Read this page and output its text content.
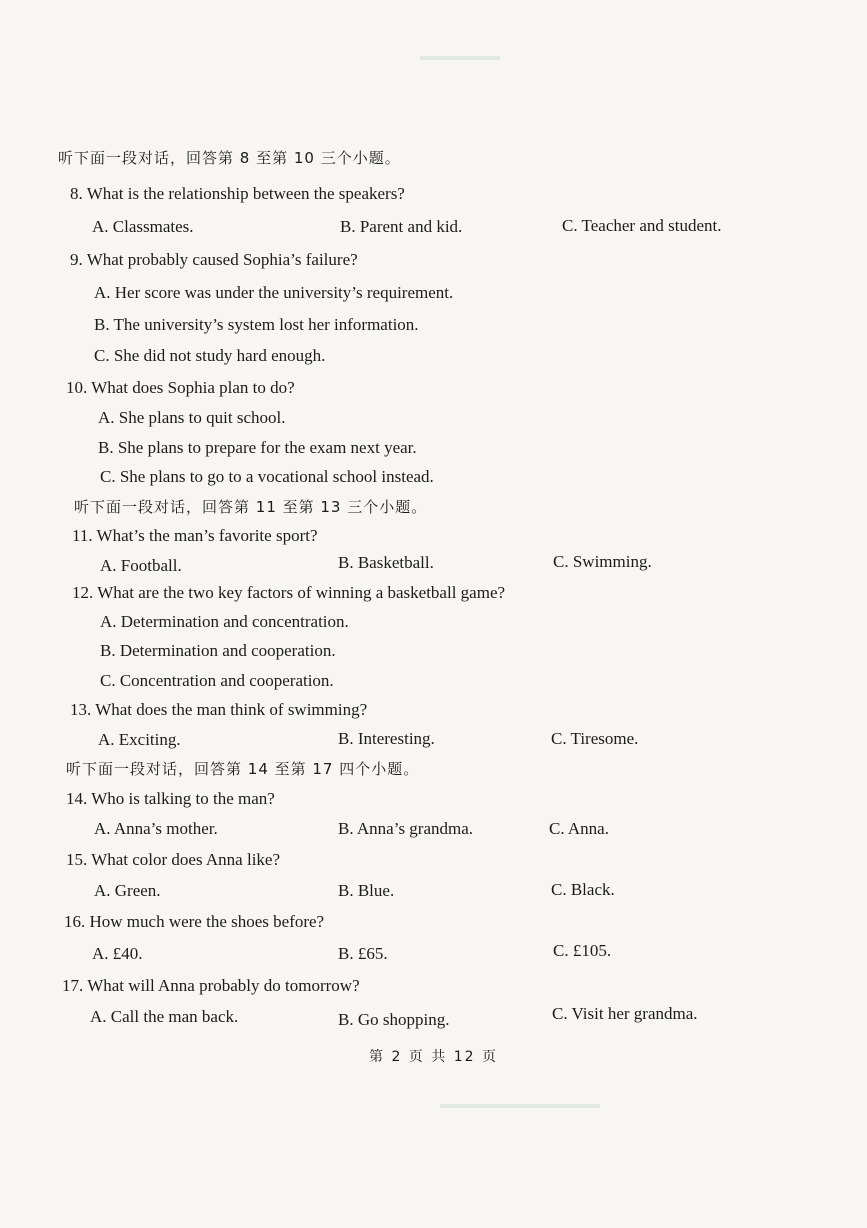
听下面一段对话，回答第 8 至第 10 三个小题。
8. What is the relationship between the speakers?
A. Classmates.	B. Parent and kid.	C. Teacher and student.
9. What probably caused Sophia’s failure?
A. Her score was under the university’s requirement.
B. The university’s system lost her information.
C. She did not study hard enough.
10. What does Sophia plan to do?
A. She plans to quit school.
B. She plans to prepare for the exam next year.
C. She plans to go to a vocational school instead.
听下面一段对话，回答第 11 至第 13 三个小题。
11. What’s the man’s favorite sport?
A. Football.	B. Basketball.	C. Swimming.
12. What are the two key factors of winning a basketball game?
A. Determination and concentration.
B. Determination and cooperation.
C. Concentration and cooperation.
13. What does the man think of swimming?
A. Exciting.	B. Interesting.	C. Tiresome.
听下面一段对话，回答第 14 至第 17 四个小题。
14. Who is talking to the man?
A. Anna’s mother.	B. Anna’s grandma.	C. Anna.
15. What color does Anna like?
A. Green.	B. Blue.	C. Black.
16. How much were the shoes before?
A. £40.	B. £65.	C. £105.
17. What will Anna probably do tomorrow?
A. Call the man back.	B. Go shopping.	C. Visit her grandma.
第 2 页 共 12 页
